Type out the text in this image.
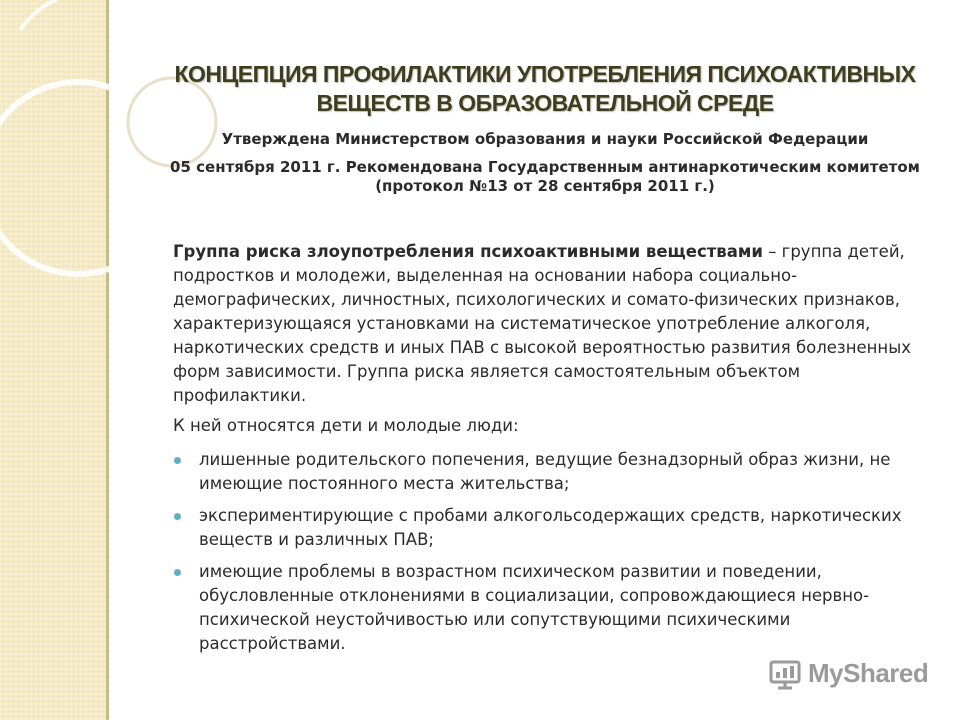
КОНЦЕПЦИЯ ПРОФИЛАКТИКИ УПОТРЕБЛЕНИЯ ПСИХОАКТИВНЫХ ВЕЩЕСТВ В ОБРАЗОВАТЕЛЬНОЙ СРЕДЕ
Утверждена Министерством образования и науки Российской Федерации
05 сентября 2011 г. Рекомендована Государственным антинаркотическим комитетом (протокол №13 от 28 сентября 2011 г.)

Группа риска злоупотребления психоактивными веществами – группа детей, подростков и молодежи, выделенная на основании набора социально-демографических, личностных, психологических и сомато-физических признаков, характеризующаяся установками на систематическое употребление алкоголя, наркотических средств и иных ПАВ с высокой вероятностью развития болезненных форм зависимости. Группа риска является самостоятельным объектом профилактики.

К ней относятся дети и молодые люди:

лишенные родительского попечения, ведущие безнадзорный образ жизни, не имеющие постоянного места жительства;
экспериментирующие с пробами алкогольсодержащих средств, наркотических веществ и различных ПАВ;
имеющие проблемы в возрастном психическом развитии и поведении, обусловленные отклонениями в социализации, сопровождающиеся нервно-психической неустойчивостью или сопутствующими психическими расстройствами.
MyShared
